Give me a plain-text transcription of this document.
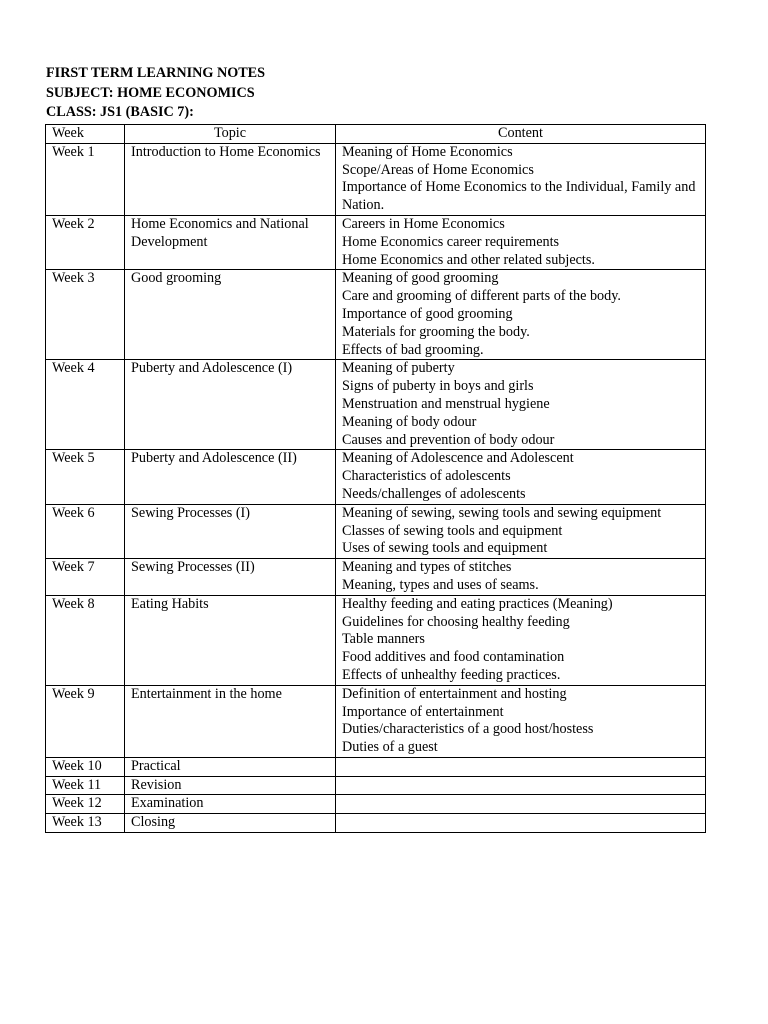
FIRST TERM LEARNING NOTES
SUBJECT: HOME ECONOMICS
CLASS: JS1 (BASIC 7):
Week	Topic	Content
Week 1	Introduction to Home Economics	Meaning of Home Economics
Scope/Areas of Home Economics
Importance of Home Economics to the Individual, Family and Nation.

Week 2	Home Economics and National Development	Careers in Home Economics
Home Economics career requirements
Home Economics and other related subjects.

Week 3	Good grooming	Meaning of good grooming
Care and grooming of different parts of the body.
Importance of good grooming
Materials for grooming the body.
Effects of bad grooming.

Week 4	Puberty and Adolescence (I)	Meaning of puberty
Signs of puberty in boys and girls
Menstruation and menstrual hygiene
Meaning of body odour
Causes and prevention of body odour

Week 5	Puberty and Adolescence (II)	Meaning of Adolescence and Adolescent
Characteristics of adolescents
Needs/challenges of adolescents

Week 6	Sewing Processes (I)	Meaning of sewing, sewing tools and sewing equipment
Classes of sewing tools and equipment
Uses of sewing tools and equipment

Week 7	Sewing Processes (II)	Meaning and types of stitches
Meaning, types and uses of seams.

Week 8	Eating Habits	Healthy feeding and eating practices (Meaning)
Guidelines for choosing healthy feeding
Table manners
Food additives and food contamination
Effects of unhealthy feeding practices.

Week 9	Entertainment in the home	Definition of entertainment and hosting
Importance of entertainment
Duties/characteristics of a good host/hostess
Duties of a guest

Week 10	Practical	
Week 11	Revision	
Week 12	Examination	
Week 13	Closing	
